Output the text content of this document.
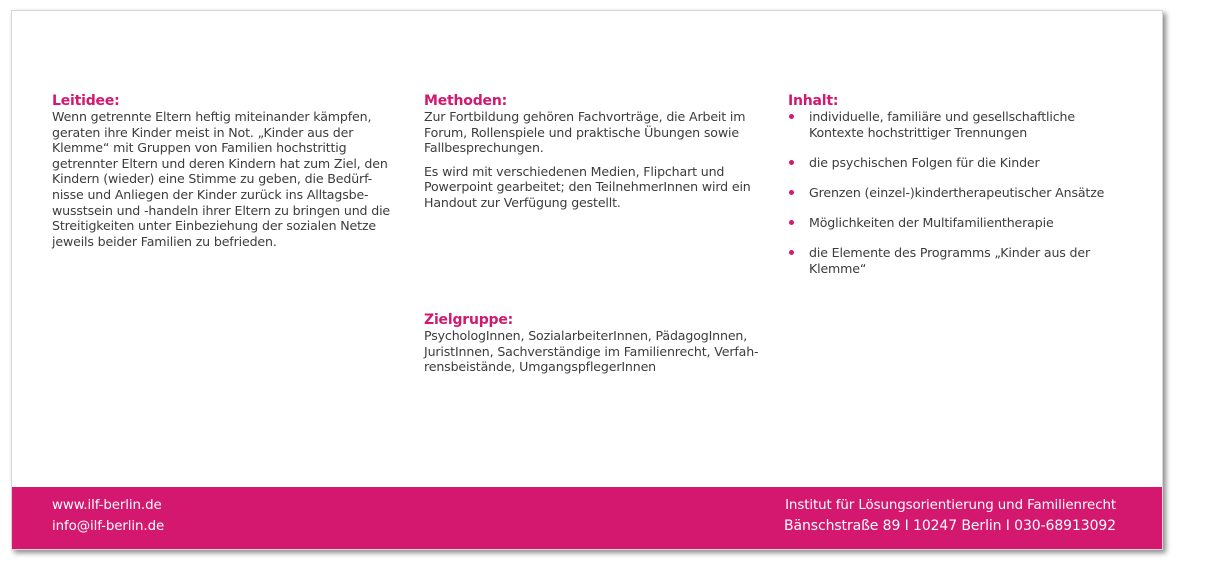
Leitidee:

Wenn getrennte Eltern heftig miteinander kämpfen, geraten ihre Kinder meist in Not. „Kinder aus der Klemme“ mit Gruppen von Familien hochstrittig getrennter Eltern und deren Kindern hat zum Ziel, den Kindern (wieder) eine Stimme zu geben, die Bedürf-nisse und Anliegen der Kinder zurück ins Alltagsbe-wusstsein und -handeln ihrer Eltern zu bringen und die Streitigkeiten unter Einbeziehung der sozialen Netze jeweils beider Familien zu befrieden.

Methoden:

Zur Fortbildung gehören Fachvorträge, die Arbeit im Forum, Rollenspiele und praktische Übungen sowie Fallbesprechungen.

Es wird mit verschiedenen Medien, Flipchart und Powerpoint gearbeitet; den TeilnehmerInnen wird ein Handout zur Verfügung gestellt.

Zielgruppe:

PsychologInnen, SozialarbeiterInnen, PädagogInnen, JuristInnen, Sachverständige im Familienrecht, Verfah-rensbeistände, UmgangspflegerInnen

Inhalt:
individuelle, familiäre und gesellschaftliche Kontexte hochstrittiger Trennungen
die psychischen Folgen für die Kinder
Grenzen (einzel-)kindertherapeutischer Ansätze
Möglichkeiten der Multifamilientherapie
die Elemente des Programms „Kinder aus der Klemme“
www.ilf-berlin.de
info@ilf-berlin.de
Institut für Lösungsorientierung und Familienrecht
Bänschstraße 89 I 10247 Berlin I 030-68913092
